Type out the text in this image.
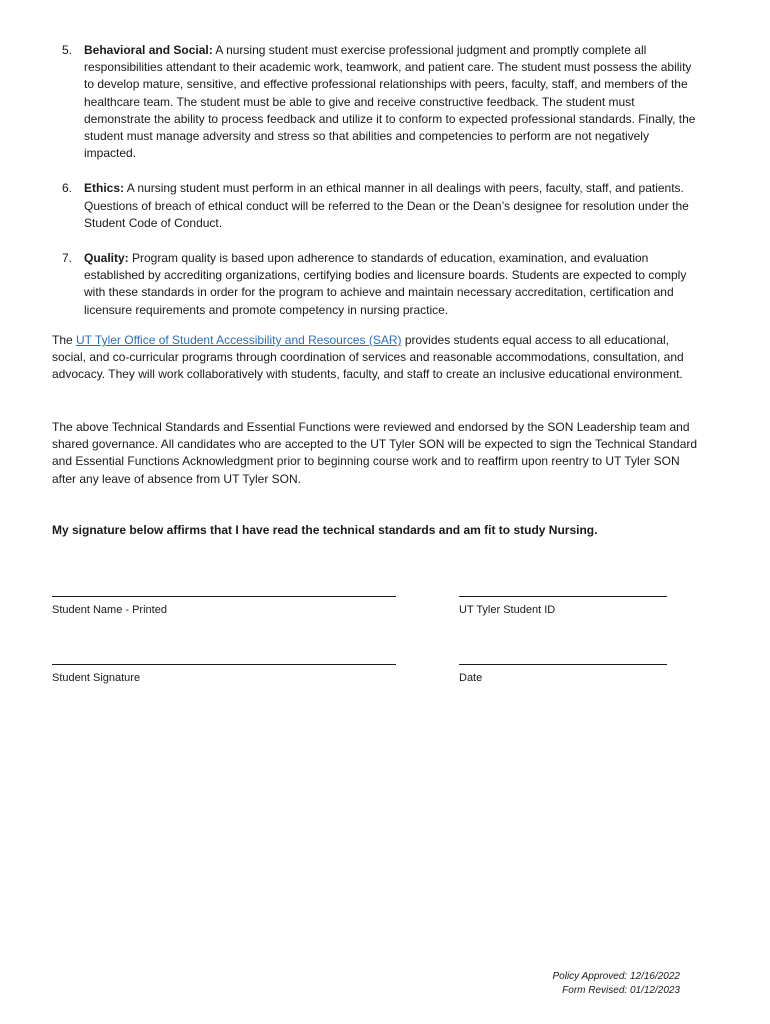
5. Behavioral and Social: A nursing student must exercise professional judgment and promptly complete all responsibilities attendant to their academic work, teamwork, and patient care. The student must possess the ability to develop mature, sensitive, and effective professional relationships with peers, faculty, staff, and members of the healthcare team. The student must be able to give and receive constructive feedback. The student must demonstrate the ability to process feedback and utilize it to conform to expected professional standards. Finally, the student must manage adversity and stress so that abilities and competencies to perform are not negatively impacted.
6. Ethics: A nursing student must perform in an ethical manner in all dealings with peers, faculty, staff, and patients. Questions of breach of ethical conduct will be referred to the Dean or the Dean’s designee for resolution under the Student Code of Conduct.
7. Quality: Program quality is based upon adherence to standards of education, examination, and evaluation established by accrediting organizations, certifying bodies and licensure boards. Students are expected to comply with these standards in order for the program to achieve and maintain necessary accreditation, certification and licensure requirements and promote competency in nursing practice.

The UT Tyler Office of Student Accessibility and Resources (SAR) provides students equal access to all educational, social, and co-curricular programs through coordination of services and reasonable accommodations, consultation, and advocacy. They will work collaboratively with students, faculty, and staff to create an inclusive educational environment.

The above Technical Standards and Essential Functions were reviewed and endorsed by the SON Leadership team and shared governance. All candidates who are accepted to the UT Tyler SON will be expected to sign the Technical Standard and Essential Functions Acknowledgment prior to beginning course work and to reaffirm upon reentry to UT Tyler SON after any leave of absence from UT Tyler SON.

My signature below affirms that I have read the technical standards and am fit to study Nursing.
Student Name - Printed	UT Tyler Student ID
Student Signature	Date
Policy Approved: 12/16/2022
Form Revised: 01/12/2023
